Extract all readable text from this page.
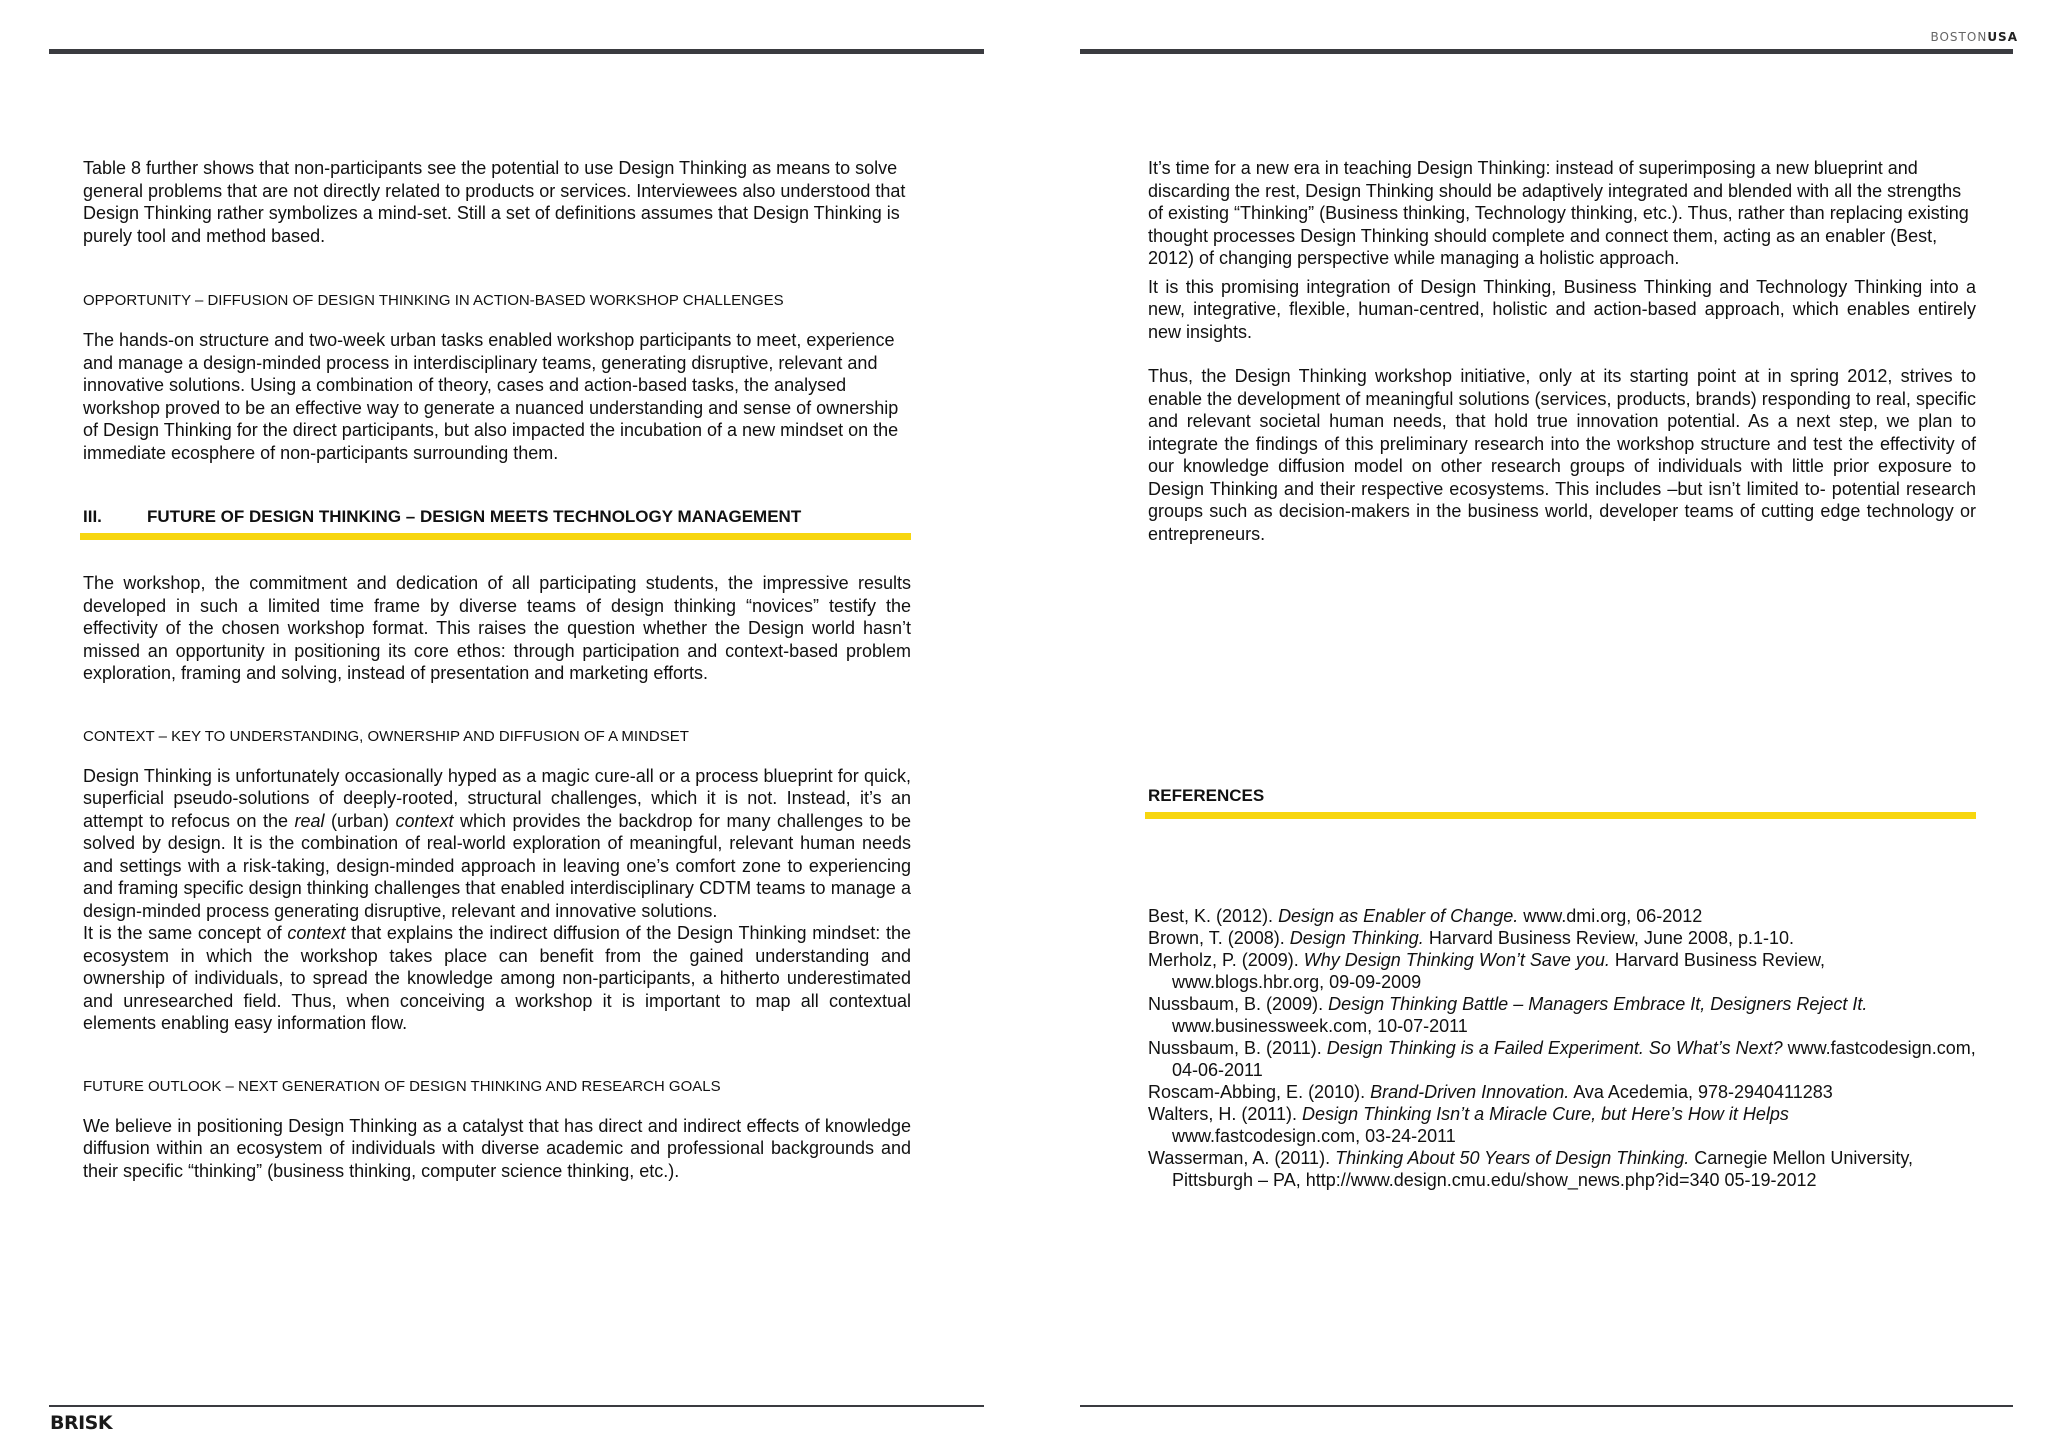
BOSTONUSA
BRISK

Table 8 further shows that non-participants see the potential to use Design Thinking as means to solve general problems that are not directly related to products or services. Interviewees also understood that Design Thinking rather symbolizes a mind-set. Still a set of definitions assumes that Design Thinking is purely tool and method based.

OPPORTUNITY – DIFFUSION OF DESIGN THINKING IN ACTION-BASED WORKSHOP CHALLENGES

The hands-on structure and two-week urban tasks enabled workshop participants to meet, experience and manage a design-minded process in interdisciplinary teams, generating disruptive, relevant and innovative solutions. Using a combination of theory, cases and action-based tasks, the analysed workshop proved to be an effective way to generate a nuanced understanding and sense of ownership of Design Thinking for the direct participants, but also impacted the incubation of a new mindset on the immediate ecosphere of non-participants surrounding them.

III.	FUTURE OF DESIGN THINKING – DESIGN MEETS TECHNOLOGY MANAGEMENT

The workshop, the commitment and dedication of all participating students, the impressive results developed in such a limited time frame by diverse teams of design thinking “novices” testify the effectivity of the chosen workshop format. This raises the question whether the Design world hasn’t missed an opportunity in positioning its core ethos: through participation and context-based problem exploration, framing and solving, instead of presentation and marketing efforts.

CONTEXT – KEY TO UNDERSTANDING, OWNERSHIP AND DIFFUSION OF A MINDSET

Design Thinking is unfortunately occasionally hyped as a magic cure-all or a process blueprint for quick, superficial pseudo-solutions of deeply-rooted, structural challenges, which it is not. Instead, it’s an attempt to refocus on the real (urban) context which provides the backdrop for many challenges to be solved by design. It is the combination of real-world exploration of meaningful, relevant human needs and settings with a risk-taking, design-minded approach in leaving one’s comfort zone to experiencing and framing specific design thinking challenges that enabled interdisciplinary CDTM teams to manage a design-minded process generating disruptive, relevant and innovative solutions.

It is the same concept of context that explains the indirect diffusion of the Design Thinking mindset: the ecosystem in which the workshop takes place can benefit from the gained understanding and ownership of individuals, to spread the knowledge among non-participants, a hitherto underestimated and unresearched field. Thus, when conceiving a workshop it is important to map all contextual elements enabling easy information flow.

FUTURE OUTLOOK – NEXT GENERATION OF DESIGN THINKING AND RESEARCH GOALS

We believe in positioning Design Thinking as a catalyst that has direct and indirect effects of knowledge diffusion within an ecosystem of individuals with diverse academic and professional backgrounds and their specific “thinking” (business thinking, computer science thinking, etc.).

It’s time for a new era in teaching Design Thinking: instead of superimposing a new blueprint and discarding the rest, Design Thinking should be adaptively integrated and blended with all the strengths of existing “Thinking” (Business thinking, Technology thinking, etc.). Thus, rather than replacing existing thought processes Design Thinking should complete and connect them, acting as an enabler (Best, 2012) of changing perspective while managing a holistic approach.

It is this promising integration of Design Thinking, Business Thinking and Technology Thinking into a new, integrative, flexible, human-centred, holistic and action-based approach, which enables entirely new insights.

Thus, the Design Thinking workshop initiative, only at its starting point at in spring 2012, strives to enable the development of meaningful solutions (services, products, brands) responding to real, specific and relevant societal human needs, that hold true innovation potential. As a next step, we plan to integrate the findings of this preliminary research into the workshop structure and test the effectivity of our knowledge diffusion model on other research groups of individuals with little prior exposure to Design Thinking and their respective ecosystems. This includes –but isn’t limited to- potential research groups such as decision-makers in the business world, developer teams of cutting edge technology or entrepreneurs.

REFERENCES

Best, K. (2012). Design as Enabler of Change. www.dmi.org, 06-2012

Brown, T. (2008). Design Thinking. Harvard Business Review, June 2008, p.1-10.

Merholz, P. (2009). Why Design Thinking Won’t Save you. Harvard Business Review, www.blogs.hbr.org, 09-09-2009

Nussbaum, B. (2009). Design Thinking Battle – Managers Embrace It, Designers Reject It. www.businessweek.com, 10-07-2011

Nussbaum, B. (2011). Design Thinking is a Failed Experiment. So What’s Next? www.fastcodesign.com, 04-06-2011

Roscam-Abbing, E. (2010). Brand-Driven Innovation. Ava Acedemia, 978-2940411283

Walters, H. (2011). Design Thinking Isn’t a Miracle Cure, but Here’s How it Helps www.fastcodesign.com, 03-24-2011

Wasserman, A. (2011). Thinking About 50 Years of Design Thinking. Carnegie Mellon University, Pittsburgh – PA, http://www.design.cmu.edu/show_news.php?id=340 05-19-2012
